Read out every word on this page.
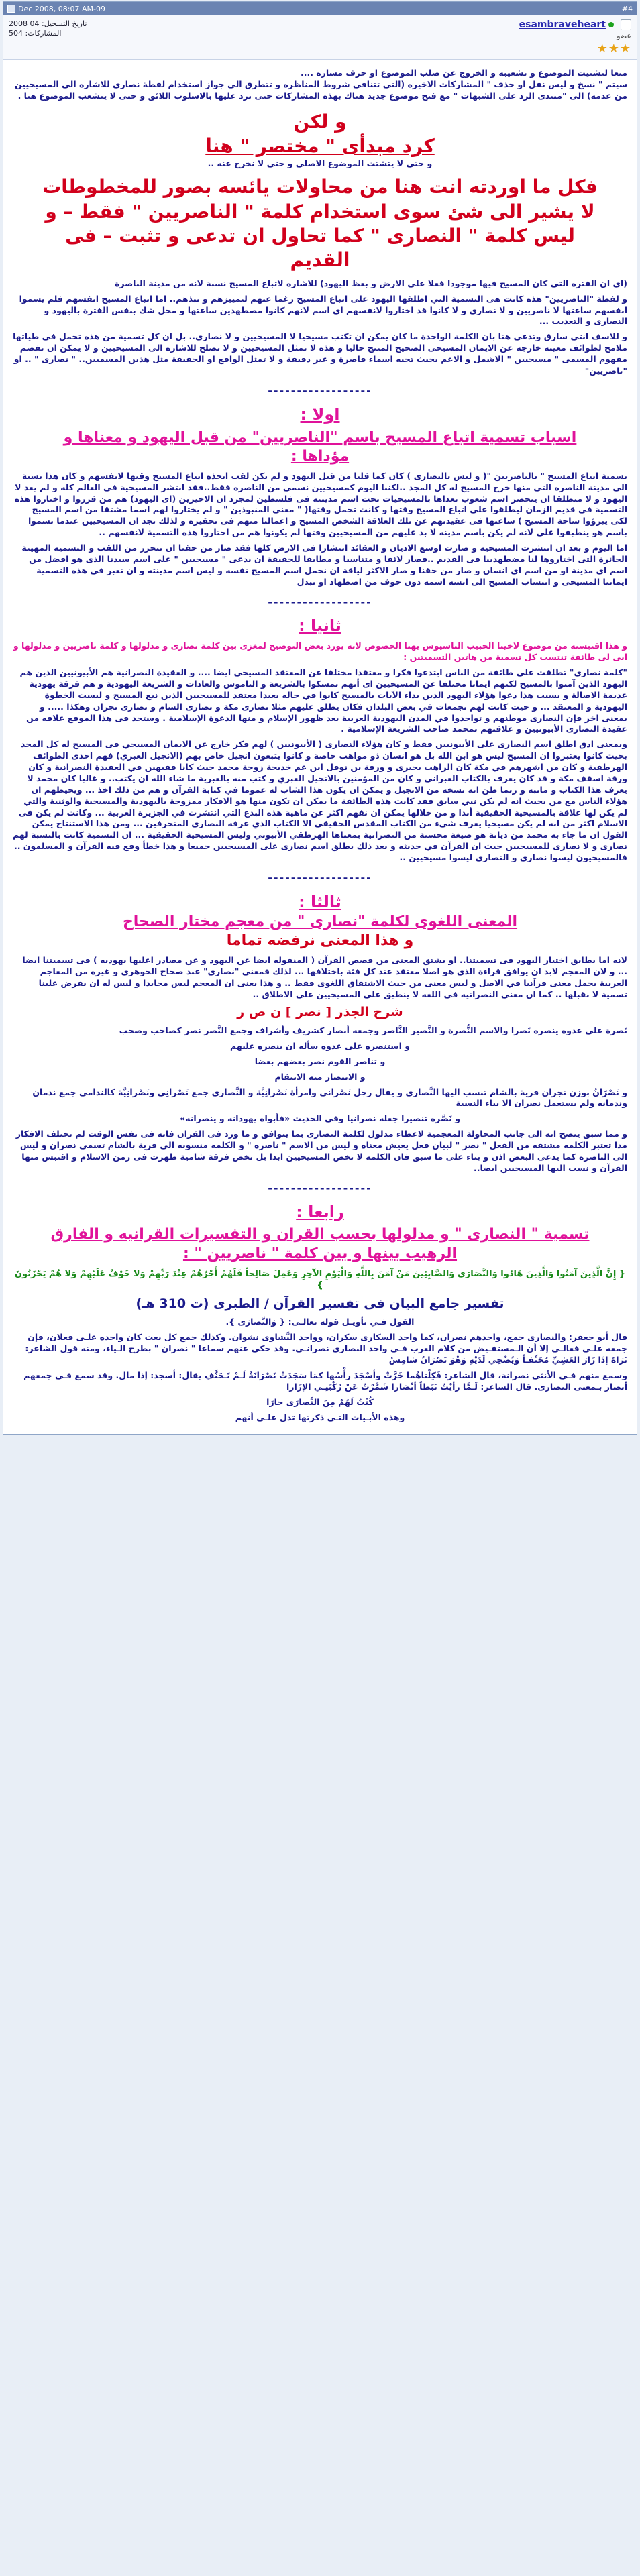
Dec 2008, 08:07 AM-09	#4
تاريخ التسجيل: 04 2008
المشاركات: 504
esambraveheart
عضو
★★★
منعا لتشتيت الموضوع و تشعيبه و الخروج عن صلب الموضوع او حرف مساره ....
سيتم " نسخ و ليس نقل او حذف " المشاركات الاخيره (التي تتنافى شروط المناظره و تتطرق الى جواز استخدام لفظة نصارى للاشاره الى المسيحيين من عدمه) الى "منتدى الرد على الشبهات " مع فتح موضوع جديد هناك بهذه المشاركات حتى ترد عليها بالاسلوب اللائق و حتى لا يتشعب الموضوع هنا .
و لكن
كرد مبدأى " مختصر " هنا
و حتى لا يتشتت الموضوع الاصلى و حتى لا نخرج عنه ..
فكل ما اوردته انت هنا من محاولات يائسه بصور للمخطوطات لا يشير الى شئ سوى استخدام كلمة " الناصريين " فقط – و ليس كلمة " النصارى " كما تحاول ان تدعى و تثبت – فى القديم
(اى ان الفتره التى كان المسيح فيها موجودا فعلا على الارض و بعظ اليهود) للاشاره لاتباع المسيح نسبة لانه من مدينة الناصرة
و لفظة "الناصريين" هذه كانت هى التسمية التي اطلقها اليهود على اتباع المسيح رغما عنهم لتمييزهم و نبذهم.. اما اتباع المسيح انفسهم فلم يسموا انفسهم ساعتها لا ناصريين و لا نصارى و لا كانوا قد اختاروا لانفسهم اى اسم لانهم كانوا مضطهدين ساعتها و محل شك بنفس الفترة باليهود و النصارى و التعذيب ...
و للاسف انتى سارق وتدعى هنا بان الكلمة الواحدة ما كان يمكن ان تكتب مسيحيا لا المسيحيين و لا نصارى.. بل ان كل تسمية من هذه تحمل فى طياتها ملامح لطوائف معينه خارجه عن الايمان المسيحى الصحيح المنتج حاليا و هذه لا تمثل المسيحيين و لا تصلح للاشاره الى المسيحيين و لا يمكن ان نفصم مفهوم المسمى " مسيحيين " الاشمل و الاعم بحيث تحيه اسماء قاصرة و غير دقيقة و لا تمثل الواقع او الحقيقة مثل هذين المسميين.. " نصارى " .. او "ناصريين"
------------------
اولا :
اسباب تسمية اتباع المسيح باسم "الناصريين" من قبل اليهود و معناها و مؤداها :
تسمية اتباع المسيح " بالناصريين "( و ليس بالنصارى ) كان كما قلنا من قبل اليهود و لم يكن لقب اتخذه اتباع المسيح وقتها لانفسهم و كان هذا نسبة الى مدينة الناصره التى منها خرج المسيح له كل المجد ..لكننا اليوم كمسيحيين نسمى من الناصره فقط..فقد انتشر المسيحية في العالم كله و لم يعد لا اليهود و لا منطلقا ان يتحضر اسم شعوب تعداها بالمسيحيات تحت اسم مدينته فى فلسطين لمجرد ان الاخيرين (اى اليهود) هم من قرروا و اختاروا هذه التسمية فى قديم الزمان ليطلقوا على اتباع المسيح وقتها و كانت تحمل وقتها( " معنى المنبوذين " و لم يختاروا لهم اسما مشتقا من اسم المسيح لكى يبرؤوا ساحة المسيح ) ساعتها فى عقيدتهم عن تلك العلاقة الشخص المسيح و اعمالنا منهم فى تحقيره و لذلك نجد ان المسيحيين عندما تسموا باسم هو ينطبقوا على لانه لم يكن باسم مدينه لا بد عليهم من المسيحيين وقتها لم يكونوا هم من اختاروا هذه التسمية لانفسهم ..
اما اليوم و بعد ان انتشرت المسيحيه و صارت اوسع الاديان و العقائد انتشارا فى الارض كلها فقد صار من حقنا ان نتحرر من اللقب و التسميه المهينة الجائرة التى اختاروها لنا مضطهدينا فى القديم ..فصار لائقا و متناسبا و مطابقا للحقيقة ان ندعى " مسيحيين " على اسم سيدنا الذى هو افضل من اسم اى مدينة او من اسم اى انسان و صار من حقنا و صار الاكثر لياقة ان نحمل اسم المسيح نفسه و ليس اسم مدينته و ان نعبر فى هذه التسمية ايماننا المسيحى و انتساب المسيح الى انسه اسمه دون خوف من اضطهاد او تبدل
------------------
ثانيا :
و هذا اقتبسته من موضوع لاخينا الحبيب الناسيوس يهنا الخصوص لانه يورد بعض التوضيح لمغزى بين كلمة نصارى و مدلولها و كلمة ناصريين و مدلولها و انى لى طائفة تنتسب كل تسمية من هاتين التسميتين :
"كلمة نصارى" تطلقت على طائفة من الناس ابتدعوا فكرا و معتقدا مختلفا عن المعتقد المسيحى ايضا .... و العقيدة النصرانية هم الأبيونيين الذين هم اليهود الذين آمنوا بالمسيح لكنهم ايمانا مختلفا عن المسيحيين اى أنهم تمسكوا بالشريعة و الناموس والعادات و الشريعة اليهودية و هم فرقة يهودية عديمة الاصالة و بسبب هذا دعوا هؤلاء اليهود الذين بداء الآيات بالمسيح كانوا في حاله بعيدا معتقد للمسيحيين الذين نبع المسيح و ليست الخطوة اليهودية و المعتقد ... و حيث كانت لهم تجمعات في بعض البلدان فكان يطلق عليهم مثلا نصارى مكة و نصارى الشام و نصارى نجران وهكذا ..... و بمعنى اخر فإن النصارى موطنهم و تواجدوا في المدن اليهودية العربية بعد ظهور الإسلام و منها الدعوة الإسلامية . وستجد فى هذا الموقع علاقه من عقيدة النصارى الأبيونيين و علاقتهم بمحمد صاحب الشريعة الإسلامية .
وبمعنى ادق اطلق اسم النصارى على الأبيونيين فقط و كان هؤلاء النصارى ( الأبيونيين ) لهم فكر خارج عن الايمان المسيحي فى المسيح له كل المجد بحيث كانوا يعتبروا ان المسيح ليس هو ابن الله بل هو انسان ذو مواهب خاصة و كانوا يتبعون انجيل خاص بهم (الانجيل العبري) فهم احدى الطوائف الهرطقية و كان من اشهرهم في مكة كان الراهب بحيرى و ورقة بن نوفل ابن عم خديجة زوجة محمد حيث كانا فقيهين في العقيدة النصرانية و كان ورقة اسقف مكة و قد كان يعرف بالكتاب العبراني و كان من المؤمنين بالانجيل العبري و كتب منه بالعبرية ما شاء الله ان يكتب.. و غالبا كان محمد لا يعرف هذا الكتاب و ماتبه و ربما ظن انه نسخه من الانجيل و يمكن ان يكون هذا الشاب له عموما في كتابة القرآن و هم من ذلك اخذ ... ويحيطهم ان هؤلاء الناس مع من بحيث انه لم يكن نبي سابق فقد كانت هذه الطائفة ما يمكن ان تكون منها هو الافكار ممزوجة باليهودية والمسيحية والوثنية والتي لم يكن لها علاقة بالمسيحية الحقيقية أبدا و من خلالها يمكن ان نفهم اكثر عن ماهية هذه البدع التي انتشرت في الجزيرة العربية ... وكانت لم يكن فى الاسلام اكثر من انه لم يكن مسيحيا يعرف شىء من الكتاب المقدس الحقيقي الا الكتاب الذي عرفه النصارى المنحرفين ... ومن هذا الاستنتاج يمكن القول ان ما جاء به محمد من ديانة هو صيغة محسنة من النصرانية بمعناها الهرطقي الأبيوني وليس المسيحية الحقيقية ... ان التسمية كانت بالنسبة لهم نصارى و لا نصارى للمسيحيين حيث ان القرآن في حديثه و بعد ذلك يطلق اسم نصارى على المسيحيين جميعا و هذا خطأ وقع فيه القرآن و المسلمون .. فالمسيحيون ليسوا نصارى و النصارى ليسوا مسيحيين ..
------------------
ثالثا :
المعنى اللغوى لكلمة "نصارى " من معجم مختار الصحاح
و هذا المعنى نرفضه تماما
لانه اما يطابق اختيار اليهود فى تسميتنا.. او يشتق المعنى من قصص القرآن ( المنقوله ايضا عن اليهود و عن مصادر اغلبها يهوديه ) فى تسميتنا ايضا ... و لان المعجم لابد ان يوافق قراءة الذى هو اصلا معتقد عند كل فئة باختلافها ... لذلك فمعنى "نصارى" عند صحاح الجوهرى و غيره من المعاجم العربية يحمل معنى قرآنيا في الاصل و ليس معنى من حيث الاشتقاق اللغوى فقط .. و هذا يعنى ان المعجم ليس محايدا و ليس له ان يفرض علينا تسمية لا نقبلها .. كما ان معنى النصرانيه فى اللغه لا ينطبق على المسيحيين على الاطلاق ..
شرح الجذر [ نصر ] ن ص ر
نَصرة على عدوه ينصره نَصرا والاسم النُّصرة و النَّصير النَّاصر وجمعه أنصار كشريف وأشراف وجمع النَّصر نصر كصاحب وصحب
و استنصره على عدوه سأله ان ينصره عليهم
و تناصر القوم نصر بعضهم بعضا
و الانتصار منه الانتقام
و نَصْرَانُ بوزن نجران قرية بالشام تنسب اليها النَّصارى و يقال رجل نَصْرانى وامرأة نَصْرانِيَّة و النَّصارى جمع نَصْرانِى ونَصْرانِيَّة كالندامى جمع ندمان وندمانه ولم يستعمل نصران الا بياء النسبة
و نَصَّره تنصيرا جعله نصرانيا وفى الحديث «فأبواه يهودانه و ينصرانه»
و مما سبق يتضح انه الى جانب المحاولة المعجمية لاعطاء مدلول لكلمة النصارى بما يتوافق و ما ورد فى القران فانه فى نفس الوقت لم تختلف الافكار مدا تعتبر الكلمه مشتقه من الفعل " نصر " لبيان فعل يعيش معناه و ليس من الاسم " ناصره " و الكلمه منسوبه الى قرية بالشام تسمى نصران و ليس الى الناصره كما يدعى البعض اذن و بناء على ما سبق فان الكلمه لا تخص المسيحيين ابدا بل تخص فرقة شامية ظهرت فى زمن الاسلام و اقتبس منها القرآن و نسب اليها المسيحيين ايضا..
------------------
رابعا :
تسمية " النصارى " و مدلولها بحسب القران و التفسيرات القرانيه و الفارق الرهيب بينها و بين كلمة " ناصريين " :
{ إِنَّ الَّذِينَ آمَنُوا وَالَّذِينَ هَادُوا وَالنَّصَارَى وَالصَّابِئِينَ مَنْ آمَنَ بِاللَّهِ وَالْيَوْمِ الآخِرِ وَعَمِلَ صَالِحاً فَلَهُمْ أَجْرُهُمْ عِنْدَ رَبِّهِمْ وَلا خَوْفٌ عَلَيْهِمْ وَلا هُمْ يَحْزَنُونَ }
تفسير جامع البيان فى تفسير القرآن / الطبرى (ت 310 هـ)
القول فـي تأويـل قوله تعالـى: { وَالنَّصارَى }.
قال أبو جعفر: والنصارى جمع، واحدهم نصران، كما واحد السكارى سكران، وواحد النَّشاوى نشوان. وكذلك جمع كل نعت كان واحده علـى فعلان، فإن جمعه علـى فعالـى إلا أن الـمستفـيض من كلام العرب فـي واحد النصارى نصرانـي. وقد حكي عنهم سماعا " نصران " بطرح الـياء، ومنه قول الشاعر: تَرَاهُ إذَا زَارَ العَشِيِّ مُحَنِّفـاً وَيُضْحِي لَدَيْهِ وَهْوَ نَصْرَانُ شامِسُ
وسمع منهم فـي الأنثى نصرانة، قال الشاعر: فَكِلْتاهُما خَرَّتْ وأسْجَدَ رأْسُها كمَا سَجَدَتْ نَصْرَانَةٌ لَـمْ تَـحَنَّفِ يقال: أسجد: إذا مال. وقد سمع فـي جمعهم أنصار بـمعنى النصارى. قال الشاعر: لَـمَّا رأيْتُ نَبَطاً أنْصَارا شَمَّرْتُ عَنْ رُكْبَتِـي الإزَارا
كُنْتُ لَهُمْ مِنَ النَّصارَى جارَا
وهذه الأبـيات التـي ذكرتها تدل علـى أنهم
